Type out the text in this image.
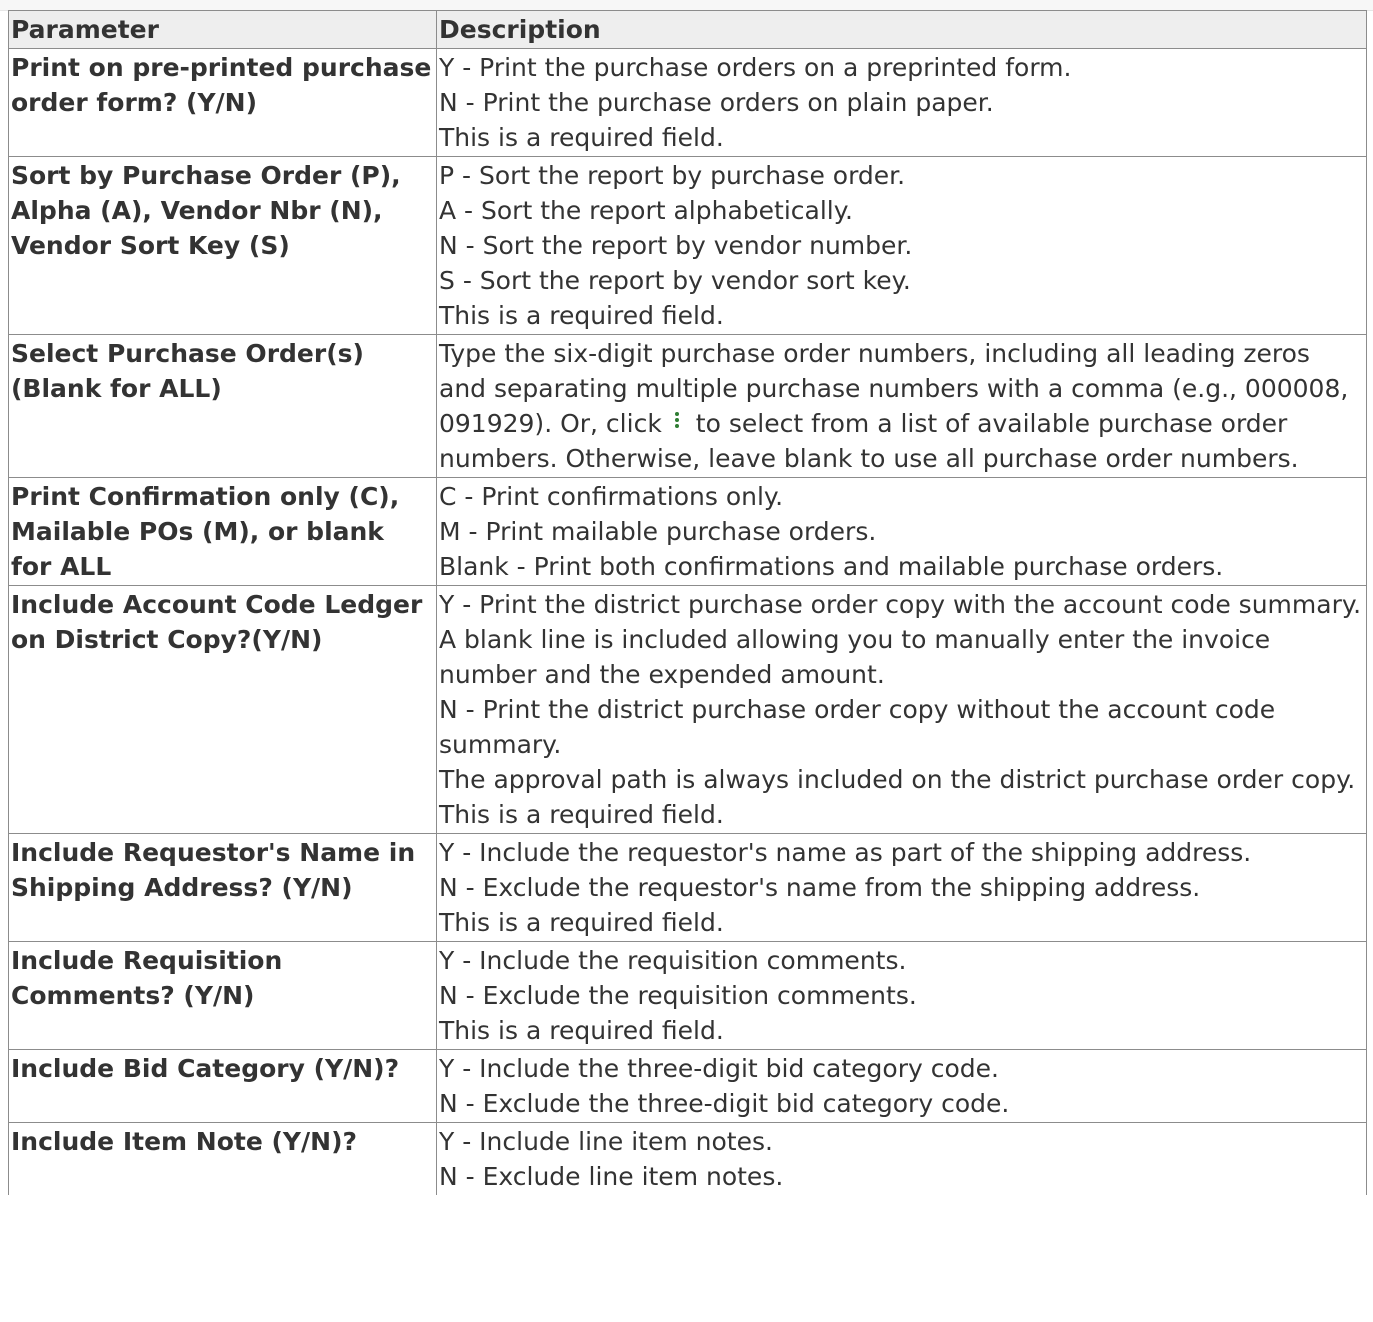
Parameter	Description
Print on pre-printed purchase order form? (Y/N)	Y - Print the purchase orders on a preprinted form.
N - Print the purchase orders on plain paper.
This is a required field.

Sort by Purchase Order (P), Alpha (A), Vendor Nbr (N), Vendor Sort Key (S)	P - Sort the report by purchase order.
A - Sort the report alphabetically.
N - Sort the report by vendor number.
S - Sort the report by vendor sort key.
This is a required field.

Select Purchase Order(s) (Blank for ALL)	Type the six-digit purchase order numbers, including all leading zeros and separating multiple purchase numbers with a comma (e.g., 000008, 091929). Or, click to select from a list of available purchase order numbers. Otherwise, leave blank to use all purchase order numbers.
Print Confirmation only (C), Mailable POs (M), or blank for ALL	C - Print confirmations only.
M - Print mailable purchase orders.
Blank - Print both confirmations and mailable purchase orders.

Include Account Code Ledger on District Copy?(Y/N)	Y - Print the district purchase order copy with the account code summary. A blank line is included allowing you to manually enter the invoice number and the expended amount.
N - Print the district purchase order copy without the account code summary.
The approval path is always included on the district purchase order copy.
This is a required field.

Include Requestor's Name in Shipping Address? (Y/N)	Y - Include the requestor's name as part of the shipping address.
N - Exclude the requestor's name from the shipping address.
This is a required field.

Include Requisition Comments? (Y/N)	Y - Include the requisition comments.
N - Exclude the requisition comments.
This is a required field.

Include Bid Category (Y/N)?	Y - Include the three-digit bid category code.
N - Exclude the three-digit bid category code.

Include Item Note (Y/N)?	Y - Include line item notes.
N - Exclude line item notes.
